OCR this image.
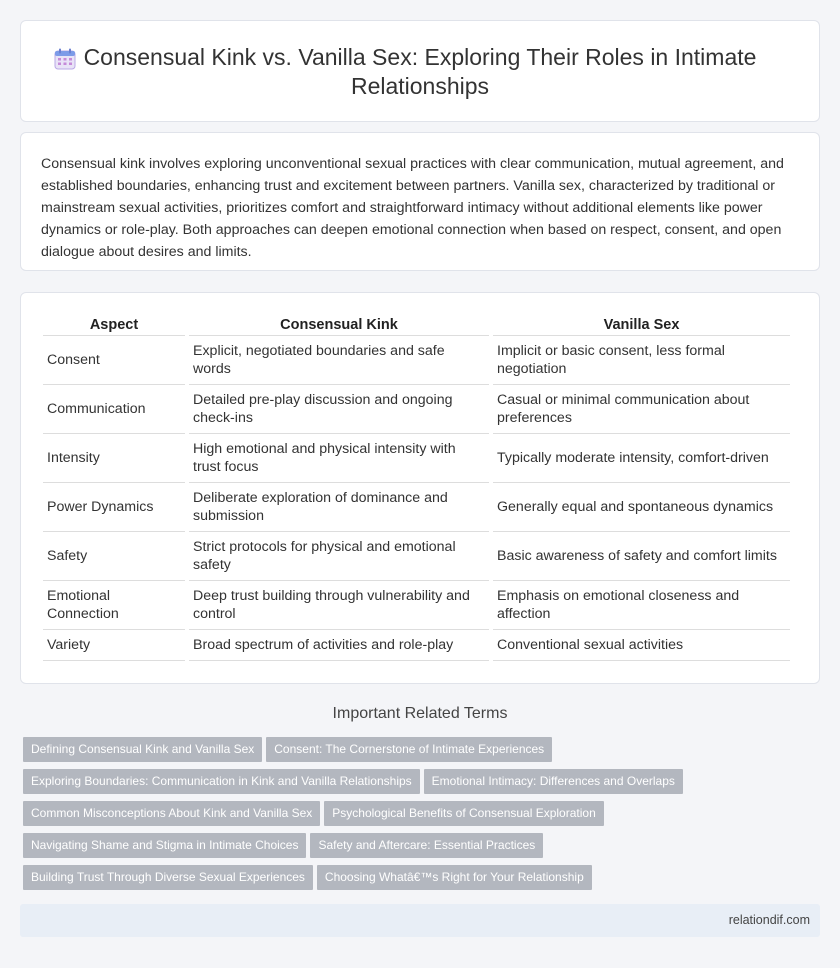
Consensual Kink vs. Vanilla Sex: Exploring Their Roles in Intimate Relationships

Consensual kink involves exploring unconventional sexual practices with clear communication, mutual agreement, and established boundaries, enhancing trust and excitement between partners. Vanilla sex, characterized by traditional or mainstream sexual activities, prioritizes comfort and straightforward intimacy without additional elements like power dynamics or role-play. Both approaches can deepen emotional connection when based on respect, consent, and open dialogue about desires and limits.

Aspect	Consensual Kink	Vanilla Sex
Consent	Explicit, negotiated boundaries and safe words	Implicit or basic consent, less formal negotiation
Communication	Detailed pre-play discussion and ongoing check-ins	Casual or minimal communication about preferences
Intensity	High emotional and physical intensity with trust focus	Typically moderate intensity, comfort-driven
Power Dynamics	Deliberate exploration of dominance and submission	Generally equal and spontaneous dynamics
Safety	Strict protocols for physical and emotional safety	Basic awareness of safety and comfort limits
Emotional Connection	Deep trust building through vulnerability and control	Emphasis on emotional closeness and affection
Variety	Broad spectrum of activities and role-play	Conventional sexual activities
Important Related Terms
Defining Consensual Kink and Vanilla Sex Consent: The Cornerstone of Intimate Experiences
Exploring Boundaries: Communication in Kink and Vanilla Relationships Emotional Intimacy: Differences and Overlaps
Common Misconceptions About Kink and Vanilla Sex Psychological Benefits of Consensual Exploration
Navigating Shame and Stigma in Intimate Choices Safety and Aftercare: Essential Practices
Building Trust Through Diverse Sexual Experiences Choosing Whatâ€™s Right for Your Relationship
relationdif.com
